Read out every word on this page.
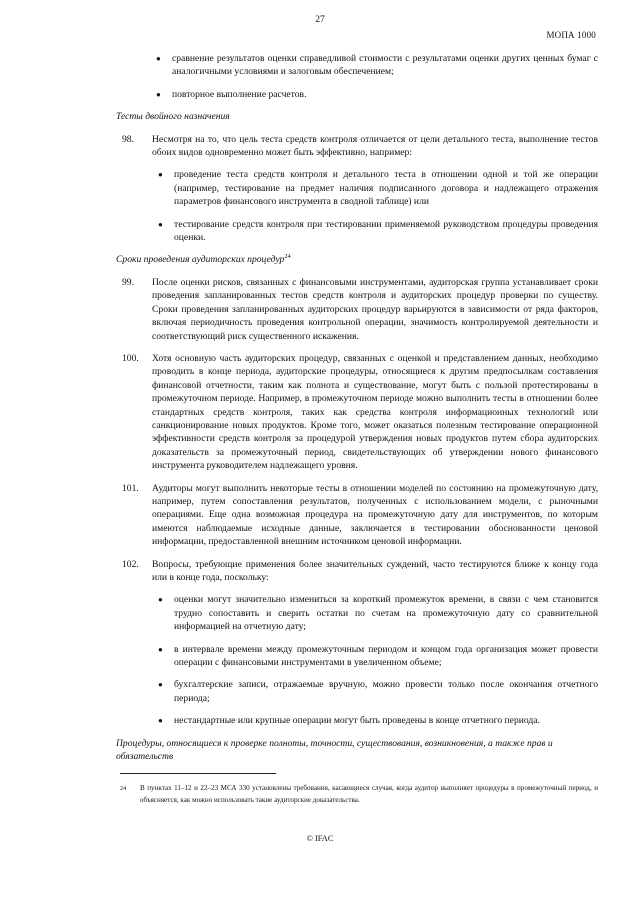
27
МОПА 1000
●	сравнение результатов оценки справедливой стоимости с результатами оценки других ценных бумаг с аналогичными условиями и залоговым обеспечением;
●	повторное выполнение расчетов.
Тесты двойного назначения
98.	Несмотря на то, что цель теста средств контроля отличается от цели детального теста, выполнение тестов обоих видов одновременно может быть эффективно, например:
●	проведение теста средств контроля и детального теста в отношении одной и той же операции (например, тестирование на предмет наличия подписанного договора и надлежащего отражения параметров финансового инструмента в сводной таблице) или
●	тестирование средств контроля при тестировании применяемой руководством процедуры проведения оценки.
Сроки проведения аудиторских процедур$^{24}$
99.	После оценки рисков, связанных с финансовыми инструментами, аудиторская группа устанавливает сроки проведения запланированных тестов средств контроля и аудиторских процедур проверки по существу. Сроки проведения запланированных аудиторских процедур варьируются в зависимости от ряда факторов, включая периодичность проведения контрольной операции, значимость контролируемой деятельности и соответствующий риск существенного искажения.
100.	Хотя основную часть аудиторских процедур, связанных с оценкой и представлением данных, необходимо проводить в конце периода, аудиторские процедуры, относящиеся к другим предпосылкам составления финансовой отчетности, таким как полнота и существование, могут быть с пользой протестированы в промежуточном периоде. Например, в промежуточном периоде можно выполнить тесты в отношении более стандартных средств контроля, таких как средства контроля информационных технологий или санкционирование новых продуктов. Кроме того, может оказаться полезным тестирование операционной эффективности средств контроля за процедурой утверждения новых продуктов путем сбора аудиторских доказательств за промежуточный период, свидетельствующих об утверждении нового финансового инструмента руководителем надлежащего уровня.
101.	Аудиторы могут выполнить некоторые тесты в отношении моделей по состоянию на промежуточную дату, например, путем сопоставления результатов, полученных с использованием модели, с рыночными операциями. Еще одна возможная процедура на промежуточную дату для инструментов, по которым имеются наблюдаемые исходные данные, заключается в тестировании обоснованности ценовой информации, предоставленной внешним источником ценовой информации.
102.	Вопросы, требующие применения более значительных суждений, часто тестируются ближе к концу года или в конце года, поскольку:
●	оценки могут значительно измениться за короткий промежуток времени, в связи с чем становится трудно сопоставить и сверить остатки по счетам на промежуточную дату со сравнительной информацией на отчетную дату;
●	в интервале времени между промежуточным периодом и концом года организация может провести операции с финансовыми инструментами в увеличенном объеме;
●	бухгалтерские записи, отражаемые вручную, можно провести только после окончания отчетного периода;
●	нестандартные или крупные операции могут быть проведены в конце отчетного периода.
Процедуры, относящиеся к проверке полноты, точности, существования, возникновения, а также прав и обязательств
24	В пунктах 11–12 и 22–23 МСА 330 установлены требования, касающиеся случая, когда аудитор выполняет процедуры в промежуточный период, и объясняется, как можно использовать такие аудиторские доказательства.
© IFAC
